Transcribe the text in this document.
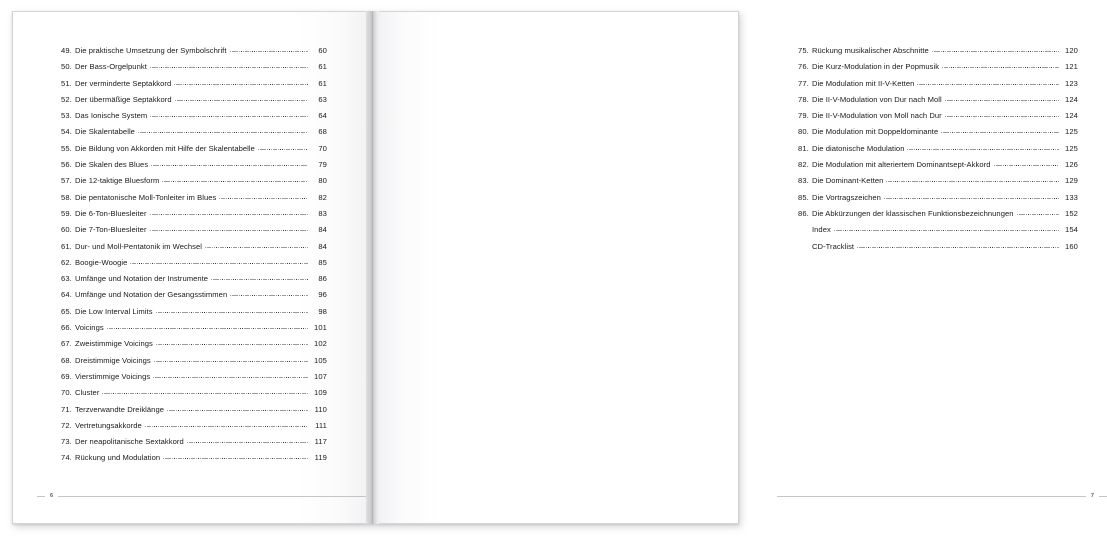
49. Die praktische Umsetzung der Symbolschrift	60
50. Der Bass-Orgelpunkt	61
51. Der verminderte Septakkord	61
52. Der übermäßige Septakkord	63
53. Das Ionische System	64
54. Die Skalentabelle	68
55. Die Bildung von Akkorden mit Hilfe der Skalentabelle	70
56. Die Skalen des Blues	79
57. Die 12-taktige Bluesform	80
58. Die pentatonische Moll-Tonleiter im Blues	82
59. Die 6-Ton-Bluesleiter	83
60. Die 7-Ton-Bluesleiter	84
61. Dur- und Moll-Pentatonik im Wechsel	84
62. Boogie-Woogie	85
63. Umfänge und Notation der Instrumente	86
64. Umfänge und Notation der Gesangsstimmen	96
65. Die Low Interval Limits	98
66. Voicings	101
67. Zweistimmige Voicings	102
68. Dreistimmige Voicings	105
69. Vierstimmige Voicings	107
70. Cluster	109
71. Terzverwandte Dreiklänge	110
72. Vertretungsakkorde	111
73. Der neapolitanische Sextakkord	117
74. Rückung und Modulation	119
6
75. Rückung musikalischer Abschnitte	120
76. Die Kurz-Modulation in der Popmusik	121
77. Die Modulation mit II-V-Ketten	123
78. Die II-V-Modulation von Dur nach Moll	124
79. Die II-V-Modulation von Moll nach Dur	124
80. Die Modulation mit Doppeldominante	125
81. Die diatonische Modulation	125
82. Die Modulation mit alteriertem Dominantsept-Akkord	126
83. Die Dominant-Ketten	129
85. Die Vortragszeichen	133
86. Die Abkürzungen der klassischen Funktionsbezeichnungen	152
Index	154
CD-Tracklist	160
7
